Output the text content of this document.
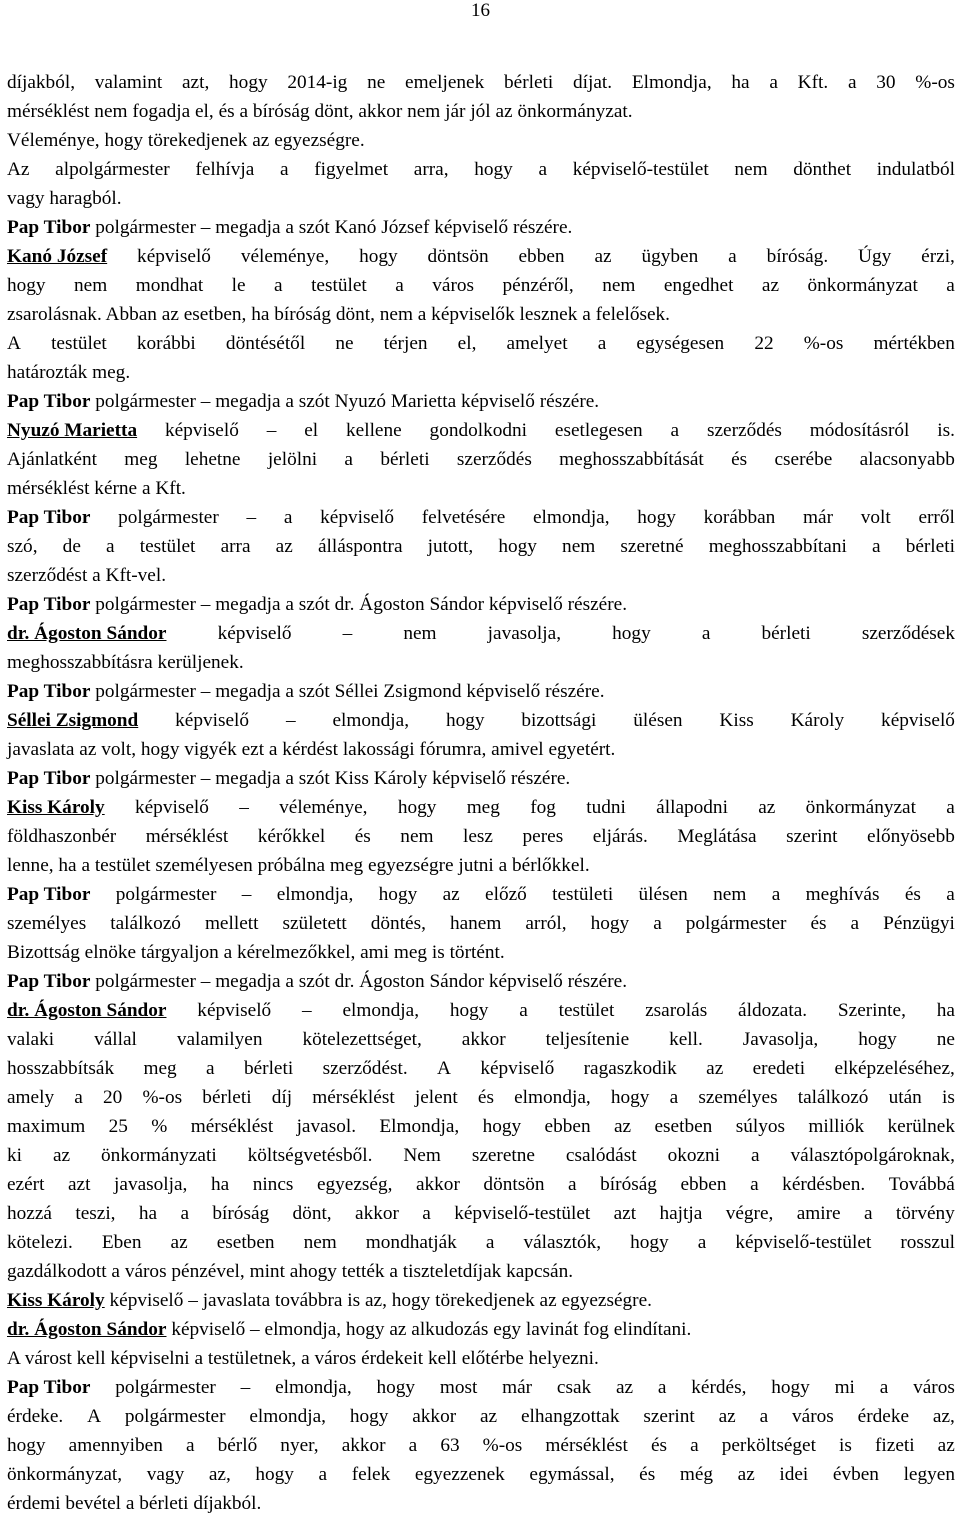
16
díjakból, valamint azt, hogy 2014-ig ne emeljenek bérleti díjat. Elmondja, ha a Kft. a 30 %-os
mérséklést nem fogadja el, és a bíróság dönt, akkor nem jár jól az önkormányzat.
Véleménye, hogy törekedjenek az egyezségre.
Az alpolgármester felhívja a figyelmet arra, hogy a képviselő-testület nem dönthet indulatból
vagy haragból.
Pap Tibor polgármester – megadja a szót Kanó József képviselő részére.
Kanó József képviselő véleménye, hogy döntsön ebben az ügyben a bíróság. Úgy érzi,
hogy nem mondhat le a testület a város pénzéről, nem engedhet az önkormányzat a
zsarolásnak. Abban az esetben, ha bíróság dönt, nem a képviselők lesznek a felelősek.
A testület korábbi döntésétől ne térjen el, amelyet a egységesen 22 %-os mértékben
határozták meg.
Pap Tibor polgármester – megadja a szót Nyuzó Marietta képviselő részére.
Nyuzó Marietta képviselő – el kellene gondolkodni esetlegesen a szerződés módosításról is.
Ajánlatként meg lehetne jelölni a bérleti szerződés meghosszabbítását és cserébe alacsonyabb
mérséklést kérne a Kft.
Pap Tibor polgármester – a képviselő felvetésére elmondja, hogy korábban már volt erről
szó, de a testület arra az álláspontra jutott, hogy nem szeretné meghosszabbítani a bérleti
szerződést a Kft-vel.
Pap Tibor polgármester – megadja a szót dr. Ágoston Sándor képviselő részére.
dr. Ágoston Sándor	képviselő	–	nem	javasolja,	hogy	a	bérleti	szerződések
meghosszabbításra kerüljenek.
Pap Tibor polgármester – megadja a szót Séllei Zsigmond képviselő részére.
Séllei Zsigmond képviselő – elmondja, hogy bizottsági ülésen Kiss Károly képviselő
javaslata az volt, hogy vigyék ezt a kérdést lakossági fórumra, amivel egyetért.
Pap Tibor polgármester – megadja a szót Kiss Károly képviselő részére.
Kiss Károly képviselő – véleménye, hogy meg fog tudni állapodni az önkormányzat a
földhaszonbér mérséklést kérőkkel és nem lesz peres eljárás. Meglátása szerint előnyösebb
lenne, ha a testület személyesen próbálna meg egyezségre jutni a bérlőkkel.
Pap Tibor polgármester – elmondja, hogy az előző testületi ülésen nem a meghívás és a
személyes találkozó mellett született döntés, hanem arról, hogy a polgármester és a Pénzügyi
Bizottság elnöke tárgyaljon a kérelmezőkkel, ami meg is történt.
Pap Tibor polgármester – megadja a szót dr. Ágoston Sándor képviselő részére.
dr. Ágoston Sándor képviselő – elmondja, hogy a testület zsarolás áldozata. Szerinte, ha
valaki vállal valamilyen kötelezettséget, akkor teljesítenie kell. Javasolja, hogy ne
hosszabbítsák meg a bérleti szerződést. A képviselő ragaszkodik az eredeti elképzeléséhez,
amely a 20 %-os bérleti díj mérséklést jelent és elmondja, hogy a személyes találkozó után is
maximum 25 % mérséklést javasol. Elmondja, hogy ebben az esetben súlyos milliók kerülnek
ki az önkormányzati költségvetésből. Nem szeretne csalódást okozni a választópolgároknak,
ezért azt javasolja, ha nincs egyezség, akkor döntsön a bíróság ebben a kérdésben. Továbbá
hozzá teszi, ha a bíróság dönt, akkor a képviselő-testület azt hajtja végre, amire a törvény
kötelezi. Eben az esetben nem mondhatják a választók, hogy a képviselő-testület rosszul
gazdálkodott a város pénzével, mint ahogy tették a tiszteletdíjak kapcsán.
Kiss Károly képviselő – javaslata továbbra is az, hogy törekedjenek az egyezségre.
dr. Ágoston Sándor képviselő – elmondja, hogy az alkudozás egy lavinát fog elindítani.
A várost kell képviselni a testületnek, a város érdekeit kell előtérbe helyezni.
Pap Tibor polgármester – elmondja, hogy most már csak az a kérdés, hogy mi a város
érdeke. A polgármester elmondja, hogy akkor az elhangzottak szerint az a város érdeke az,
hogy amennyiben a bérlő nyer, akkor a 63 %-os mérséklést és a perköltséget is fizeti az
önkormányzat, vagy az, hogy a felek egyezzenek egymással, és még az idei évben legyen
érdemi bevétel a bérleti díjakból.
